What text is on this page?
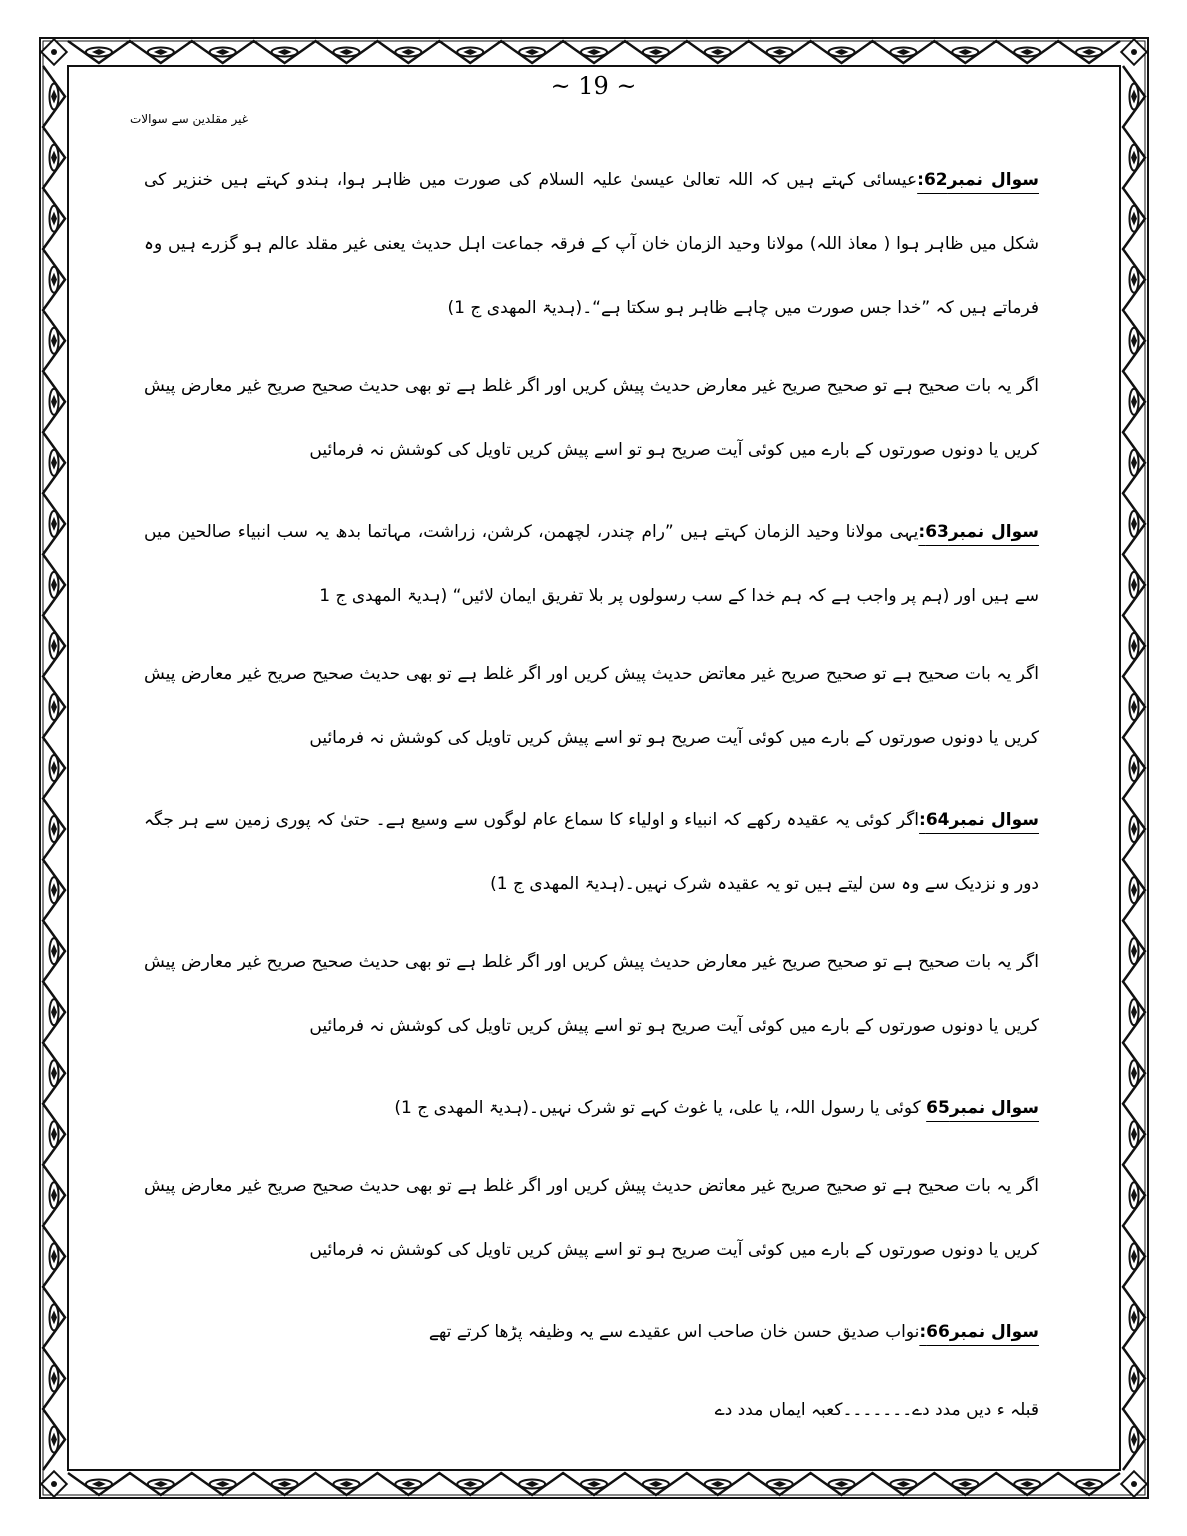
~ 19 ~
غیر مقلدین سے سوالات

سوال نمبر62:عیسائی کہتے ہیں کہ اللہ تعالیٰ عیسیٰ علیہ السلام کی صورت میں ظاہر ہوا، ہندو کہتے ہیں خنزیر کی شکل میں ظاہر ہوا ( معاذ اللہ) مولانا وحید الزمان خان آپ کے فرقہ جماعت اہل حدیث یعنی غیر مقلد عالم ہو گزرے ہیں وہ فرماتے ہیں کہ ”خدا جس صورت میں چاہے ظاہر ہو سکتا ہے“۔(ہدیۃ المھدی ج 1)

اگر یہ بات صحیح ہے تو صحیح صریح غیر معارض حدیث پیش کریں اور اگر غلط ہے تو بھی حدیث صحیح صریح غیر معارض پیش کریں یا دونوں صورتوں کے بارے میں کوئی آیت صریح ہو تو اسے پیش کریں تاویل کی کوشش نہ فرمائیں

سوال نمبر63:یہی مولانا وحید الزمان کہتے ہیں ”رام چندر، لچھمن، کرشن، زراشت، مہاتما بدھ یہ سب انبیاء صالحین میں سے ہیں اور (ہم پر واجب ہے کہ ہم خدا کے سب رسولوں پر بلا تفریق ایمان لائیں“ (ہدیۃ المھدی ج 1

اگر یہ بات صحیح ہے تو صحیح صریح غیر معاتض حدیث پیش کریں اور اگر غلط ہے تو بھی حدیث صحیح صریح غیر معارض پیش کریں یا دونوں صورتوں کے بارے میں کوئی آیت صریح ہو تو اسے پیش کریں تاویل کی کوشش نہ فرمائیں

سوال نمبر64:اگر کوئی یہ عقیدہ رکھے کہ انبیاء و اولیاء کا سماع عام لوگوں سے وسیع ہے۔ حتیٰ کہ پوری زمین سے ہر جگہ دور و نزدیک سے وہ سن لیتے ہیں تو یہ عقیدہ شرک نہیں۔(ہدیۃ المھدی ج 1)

اگر یہ بات صحیح ہے تو صحیح صریح غیر معارض حدیث پیش کریں اور اگر غلط ہے تو بھی حدیث صحیح صریح غیر معارض پیش کریں یا دونوں صورتوں کے بارے میں کوئی آیت صریح ہو تو اسے پیش کریں تاویل کی کوشش نہ فرمائیں

سوال نمبر65 کوئی یا رسول اللہ، یا علی، یا غوث کہے تو شرک نہیں۔(ہدیۃ المھدی ج 1)

اگر یہ بات صحیح ہے تو صحیح صریح غیر معاتض حدیث پیش کریں اور اگر غلط ہے تو بھی حدیث صحیح صریح غیر معارض پیش کریں یا دونوں صورتوں کے بارے میں کوئی آیت صریح ہو تو اسے پیش کریں تاویل کی کوشش نہ فرمائیں

سوال نمبر66:نواب صدیق حسن خان صاحب اس عقیدے سے یہ وظیفہ پڑھا کرتے تھے

قبلہ ء دیں مدد دے۔۔۔۔۔۔۔کعبہ ایماں مدد دے
